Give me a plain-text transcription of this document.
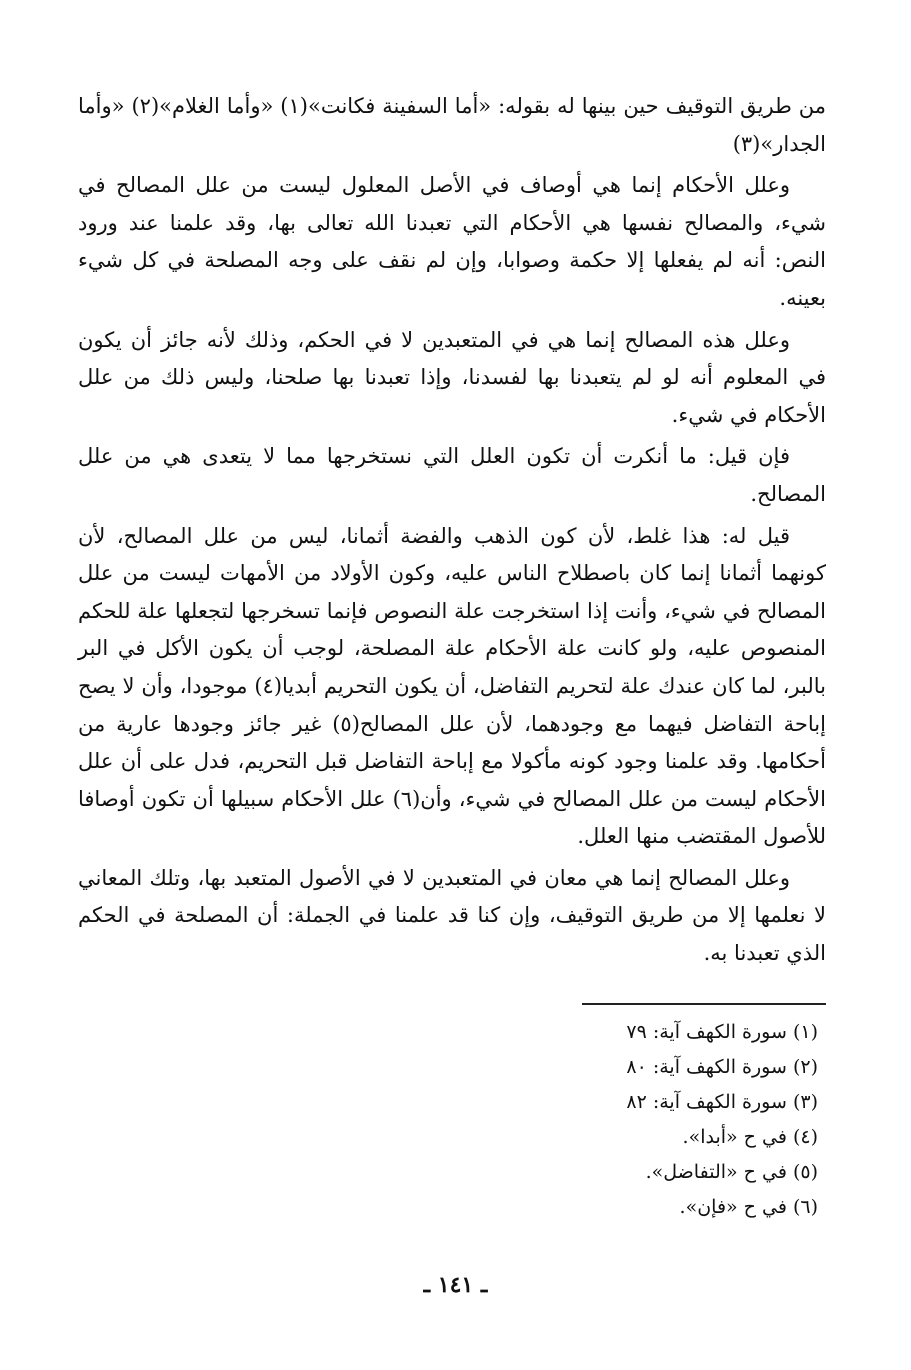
من طريق التوقيف حين بينها له بقوله: «أما السفينة فكانت»(١) «وأما الغلام»(٢) «وأما الجدار»(٣)

وعلل الأحكام إنما هي أوصاف في الأصل المعلول ليست من علل المصالح في شيء، والمصالح نفسها هي الأحكام التي تعبدنا الله تعالى بها، وقد علمنا عند ورود النص: أنه لم يفعلها إلا حكمة وصوابا، وإن لم نقف على وجه المصلحة في كل شيء بعينه.

وعلل هذه المصالح إنما هي في المتعبدين لا في الحكم، وذلك لأنه جائز أن يكون في المعلوم أنه لو لم يتعبدنا بها لفسدنا، وإذا تعبدنا بها صلحنا، وليس ذلك من علل الأحكام في شيء.

فإن قيل: ما أنكرت أن تكون العلل التي نستخرجها مما لا يتعدى هي من علل المصالح.

قيل له: هذا غلط، لأن كون الذهب والفضة أثمانا، ليس من علل المصالح، لأن كونهما أثمانا إنما كان باصطلاح الناس عليه، وكون الأولاد من الأمهات ليست من علل المصالح في شيء، وأنت إذا استخرجت علة النصوص فإنما تسخرجها لتجعلها علة للحكم المنصوص عليه، ولو كانت علة الأحكام علة المصلحة، لوجب أن يكون الأكل في البر بالبر، لما كان عندك علة لتحريم التفاضل، أن يكون التحريم أبديا(٤) موجودا، وأن لا يصح إباحة التفاضل فيهما مع وجودهما، لأن علل المصالح(٥) غير جائز وجودها عارية من أحكامها. وقد علمنا وجود كونه مأكولا مع إباحة التفاضل قبل التحريم، فدل على أن علل الأحكام ليست من علل المصالح في شيء، وأن(٦) علل الأحكام سبيلها أن تكون أوصافا للأصول المقتضب منها العلل.

وعلل المصالح إنما هي معان في المتعبدين لا في الأصول المتعبد بها، وتلك المعاني لا نعلمها إلا من طريق التوقيف، وإن كنا قد علمنا في الجملة: أن المصلحة في الحكم الذي تعبدنا به.

(١) سورة الكهف آية: ٧٩
(٢) سورة الكهف آية: ٨٠
(٣) سورة الكهف آية: ٨٢
(٤) في ح «أبدا».
(٥) في ح «التفاضل».
(٦) في ح «فإن».
ـ ١٤١ ـ
